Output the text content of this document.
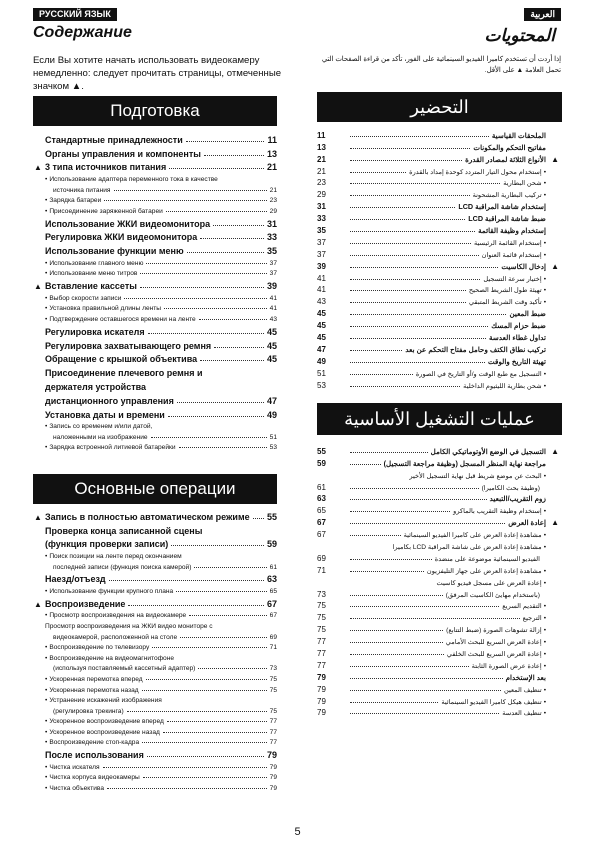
РУССКИЙ ЯЗЫК	العربية
Содержание	المحتويات
Если Вы хотите начать использовать видеокамеру немедленно: следует прочитать страницы, отмеченные значком ▲.
إذا أردت أن تستخدم كاميرا الفيديو السينمائية على الفور، تأكد من قراءة الصفحات التي تحمل العلامة ▲ على الأقل.
Подготовка
Стандартные принадлежности	11
Органы управления и компоненты	13
▲ 3 типа источников питания	21
• Использование адаптера переменного тока в качестве
источника питания	21
• Зарядка батареи	23
• Присоединение заряженной батареи	29
Использование ЖКИ видеомонитора	31
Регулировка ЖКИ видеомонитора	33
Использование функции меню	35
• Использование главного меню	37
• Использование меню титров	37
▲ Вставление кассеты	39
• Выбор скорости записи	41
• Установка правильной длины ленты	41
• Подтверждение оставшегося времени на ленте	43
Регулировка искателя	45
Регулировка захватывающего ремня	45
Обращение с крышкой объектива	45
Присоединение плечевого ремня и
держателя устройства
дистанционного управления	47
Установка даты и времени	49
• Запись со временем и/или датой,
наложенными на изображение	51
• Зарядка встроенной литиевой батарейки	53
Основные операции
▲ Запись в полностью автоматическом режиме 55
Проверка конца записанной сцены
(функция проверки записи)	59
• Поиск позиции на ленте перед окончанием
последней записи (функция поиска камерой)	61
Наезд/отъезд	63
• Использование функции крупного плана	65
▲ Воспроизведение	67
• Просмотр воспроизведения на видеокамере	67
Просмотр воспроизведения на ЖКИ видео мониторе с
видеокамерой, расположенной на столе	69
• Воспроизведение по телевизору	71
• Воспроизведение на видеомагнитофоне
(используя поставляемый кассетный адаптер)	73
• Ускоренная перемотка вперед	75
• Ускоренная перемотка назад	75
• Устранение искажений изображения
(регулировка трекинга)	75
• Ускоренное воспроизведение вперед	77
• Ускоренное воспроизведение назад	77
• Воспроизведение стоп-кадра	77
После использования	79
• Чистка искателя	79
• Чистка корпуса видеокамеры	79
• Чистка объектива	79
التحضير
11	الملحقات القياسية
13	مفاتيح التحكم والمكونات
▲
21	الأنواع الثلاثة لمصادر القدرة
21	•إستخدام محول التيار المتردد كوحدة إمداد بالقدرة
23	•شحن البطارية
29	•تركيب البطارية المشحونة
31	إستخدام شاشة المراقبة LCD
33	ضبط شاشة المراقبة LCD
35	إستخدام وظيفة القائمة
37	•إستخدام القائمة الرئيسية
37	•إستخدام قائمة العنوان
▲
39	إدخال الكاسيت
41	•إختيار سرعة التسجيل
41	•تهيئة طول الشريط الصحيح
43	•تأكيد وقت الشريط المتبقي
45	ضبط المعين
45	ضبط حزام المسك
45	تداول غطاء العدسة
47	تركيب نطاق الكتف وحامل مفتاح التحكم عن بعد
49	تهيئة التاريخ والوقت
51	•التسجيل مع طبع الوقت و/أو التاريخ في الصورة
53	•شحن بطارية الليثيوم الداخلية
عمليات التشغيل الأساسية
▲
55	التسجيل في الوضع الأوتوماتيكي الكامل
59	مراجعة نهاية المنظر المسجل (وظيفة مراجعة التسجيل)
•البحث عن موضع شريط قبل نهاية التسجيل الأخير
61	(وظيفة بحث الكاميرا)
63	زوم التقريب/التبعيد
65	•إستخدام وظيفة التقريب بالماكرو
▲
67	إعادة العرض
67	•مشاهدة إعادة العرض على كاميرا الفيديو السينمائية
•مشاهدة إعادة العرض على شاشة المراقبة LCD بكاميرا
69	الفيديو السينمائية موضوعة على منضدة
71	•مشاهدة إعادة العرض على جهاز التليفزيون
•إعادة العرض على مسجل فيديو كاسيت
73	(باستخدام مهايئ الكاسيت المرفق)
75	•التقديم السريع
75	•الترجيع
75	•إزالة تشوهات الصورة (ضبط التتابع)
77	•إعادة العرض السريع للبحث الأمامي
77	•إعادة العرض السريع للبحث الخلفي
77	•إعادة عرض الصورة الثابتة
79	بعد الإستخدام
79	•تنظيف المعين
79	•تنظيف هيكل كاميرا الفيديو السينمائية
79	•تنظيف العدسة
5
